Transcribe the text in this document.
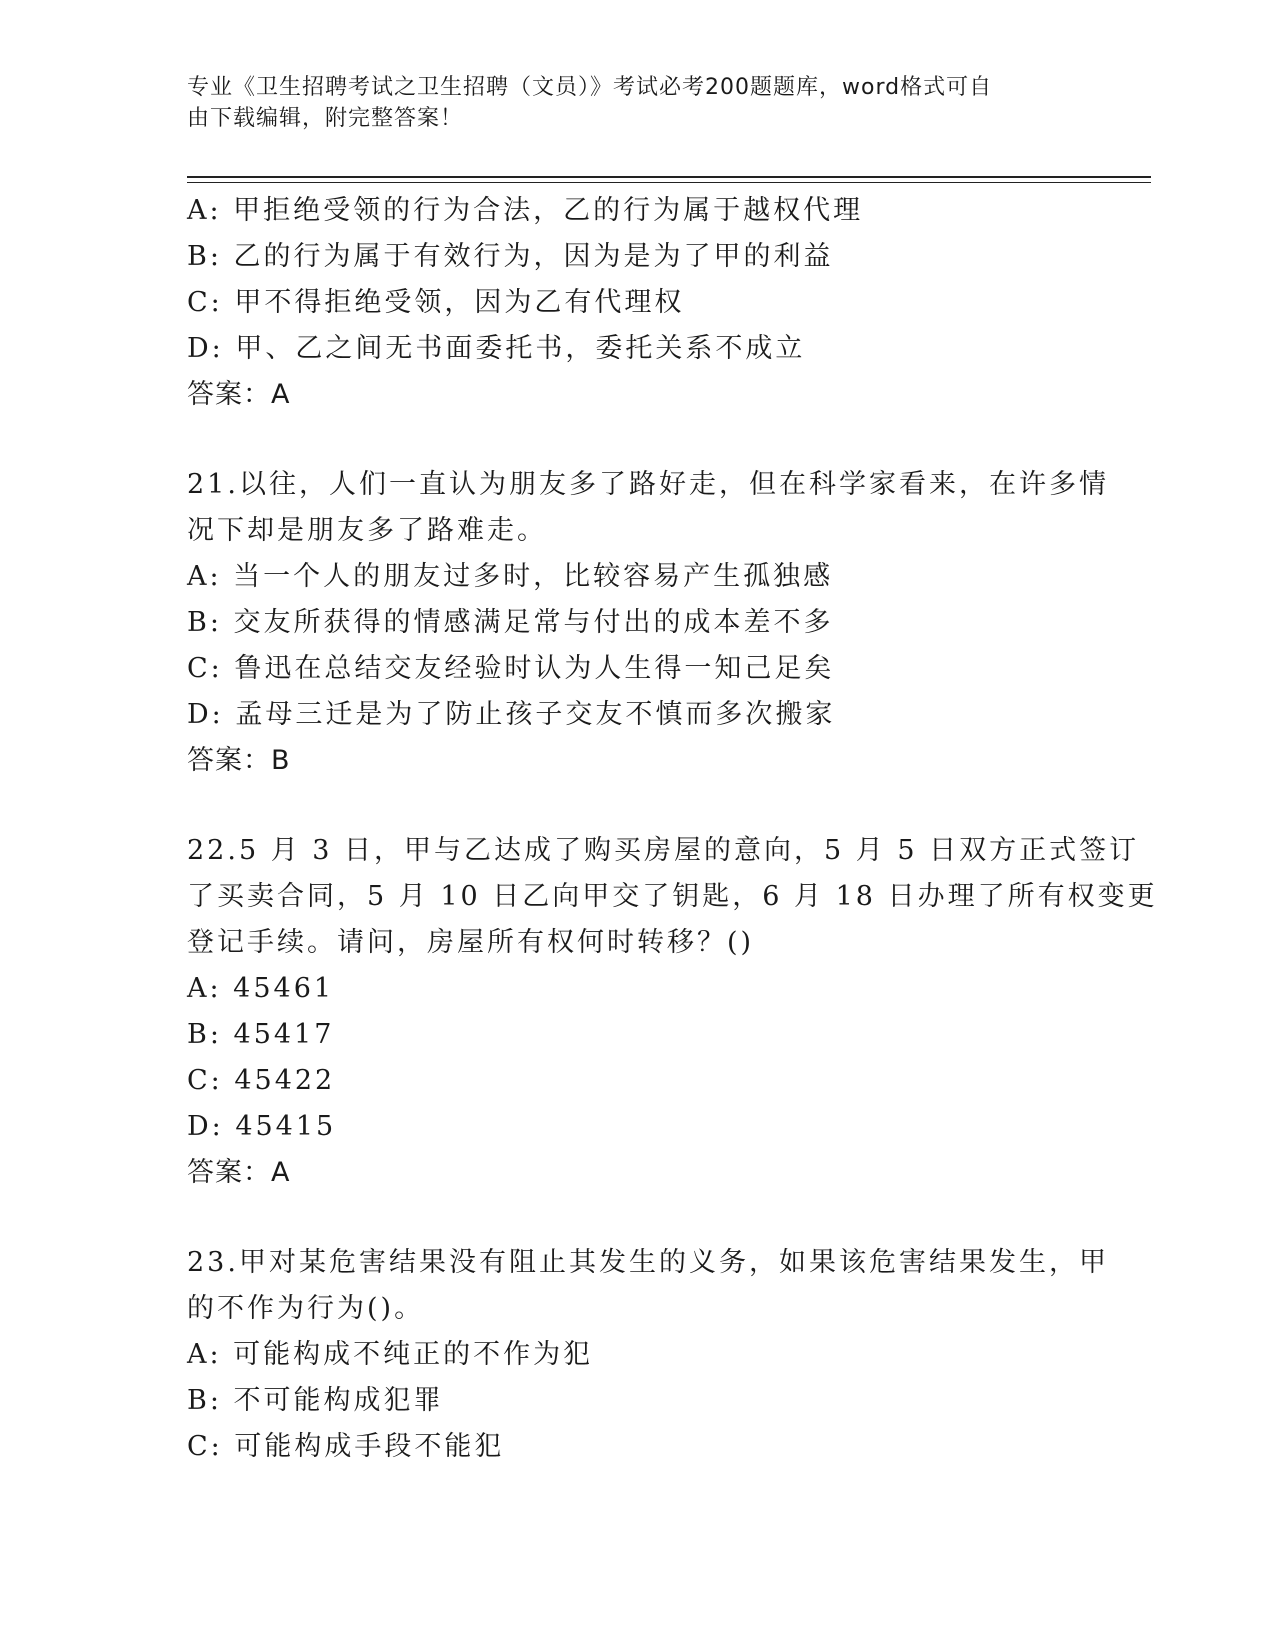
专业《卫生招聘考试之卫生招聘（文员）》考试必考200题题库，word格式可自
由下载编辑，附完整答案！
A: 甲拒绝受领的行为合法，乙的行为属于越权代理
B: 乙的行为属于有效行为，因为是为了甲的利益
C: 甲不得拒绝受领，因为乙有代理权
D: 甲、乙之间无书面委托书，委托关系不成立
答案：A
21.以往，人们一直认为朋友多了路好走，但在科学家看来，在许多情
况下却是朋友多了路难走。
A: 当一个人的朋友过多时，比较容易产生孤独感
B: 交友所获得的情感满足常与付出的成本差不多
C: 鲁迅在总结交友经验时认为人生得一知己足矣
D: 孟母三迁是为了防止孩子交友不慎而多次搬家
答案：B
22.5 月 3 日，甲与乙达成了购买房屋的意向，5 月 5 日双方正式签订
了买卖合同，5 月 10 日乙向甲交了钥匙，6 月 18 日办理了所有权变更
登记手续。请问，房屋所有权何时转移？()
A: 45461
B: 45417
C: 45422
D: 45415
答案：A
23.甲对某危害结果没有阻止其发生的义务，如果该危害结果发生，甲
的不作为行为()。
A: 可能构成不纯正的不作为犯
B: 不可能构成犯罪
C: 可能构成手段不能犯
